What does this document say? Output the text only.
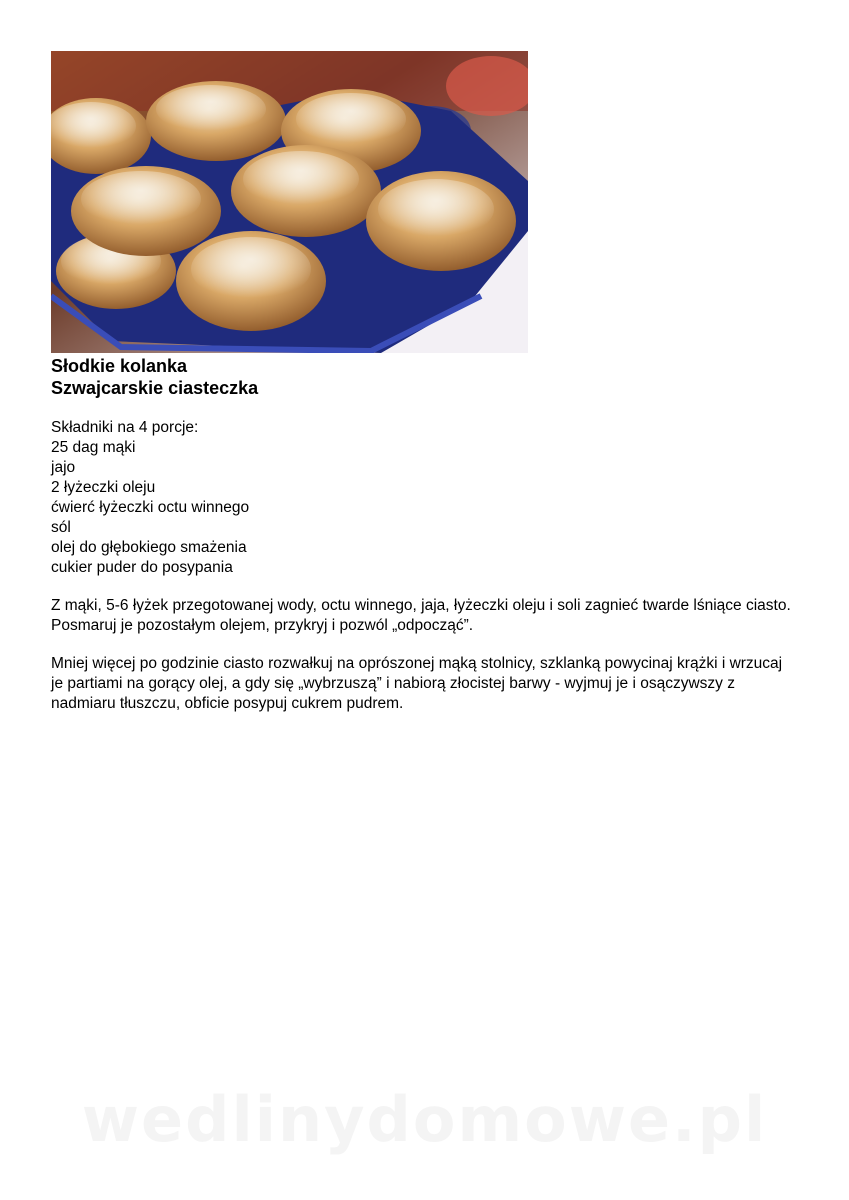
Słodkie kolanka
Szwajcarskie ciasteczka
Składniki na 4 porcje:
25 dag mąki
jajo
2 łyżeczki oleju
ćwierć łyżeczki octu winnego
sól
olej do głębokiego smażenia
cukier puder do posypania
Z mąki, 5-6 łyżek przegotowanej wody, octu winnego, jaja, łyżeczki oleju i soli zagnieć twarde lśniące ciasto. Posmaruj je pozostałym olejem, przykryj i pozwól „odpocząć”.
Mniej więcej po godzinie ciasto rozwałkuj na oprószonej mąką stolnicy, szklanką powycinaj krążki i wrzucaj je partiami na gorący olej, a gdy się „wybrzuszą” i nabiorą złocistej barwy - wyjmuj je i osączywszy z nadmiaru tłuszczu, obficie posypuj cukrem pudrem.
wedlinydomowe.pl
